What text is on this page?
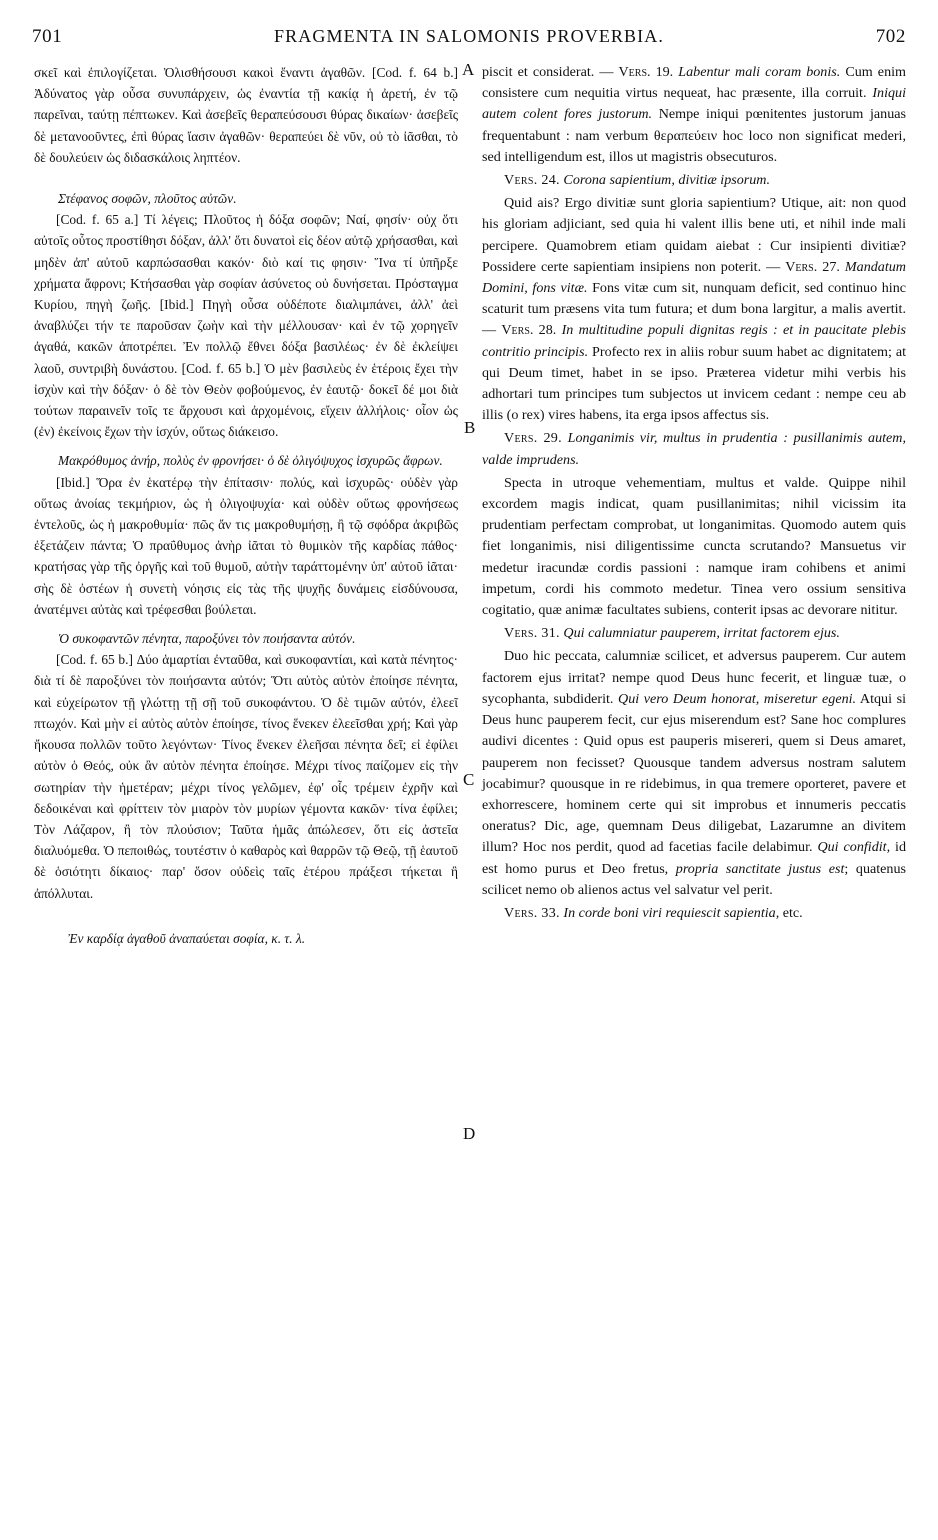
701	FRAGMENTA IN SALOMONIS PROVERBIA.	702
A
B
C
D

σκεῖ καὶ ἐπιλογίζεται. Ὀλισθήσουσι κακοὶ ἔναντι ἀγαθῶν. [Cod. f. 64 b.] Ἀδύνατος γὰρ οὖσα συνυπάρχειν, ὡς ἐναντία τῇ κακίᾳ ἡ ἀρετή, ἐν τῷ παρεῖναι, ταύτῃ πέπτωκεν. Καὶ ἀσεβεῖς θεραπεύσουσι θύρας δικαίων· ἀσεβεῖς δὲ μετανοοῦντες, ἐπὶ θύρας ἴασιν ἀγαθῶν· θεραπεύει δὲ νῦν, οὐ τὸ ἰᾶσθαι, τὸ δὲ δουλεύειν ὡς διδασκάλοις ληπτέον.

Στέφανος σοφῶν, πλοῦτος αὐτῶν.

[Cod. f. 65 a.] Τί λέγεις; Πλοῦτος ἡ δόξα σοφῶν; Ναί, φησίν· οὐχ ὅτι αὐτοῖς οὗτος προστίθησι δόξαν, ἀλλ' ὅτι δυνατοὶ εἰς δέον αὐτῷ χρήσασθαι, καὶ μηδὲν ἀπ' αὐτοῦ καρπώσασθαι κακόν· διὸ καί τις φησιν· Ἵνα τί ὑπῆρξε χρήματα ἄφρονι; Κτήσασθαι γὰρ σοφίαν ἀσύνετος οὐ δυνήσεται. Πρόσταγμα Κυρίου, πηγὴ ζωῆς. [Ibid.] Πηγὴ οὖσα οὐδέποτε διαλιμπάνει, ἀλλ' ἀεὶ ἀναβλύζει τήν τε παροῦσαν ζωὴν καὶ τὴν μέλλουσαν· καὶ ἐν τῷ χορηγεῖν ἀγαθά, κακῶν ἀποτρέπει. Ἐν πολλῷ ἔθνει δόξα βασιλέως· ἐν δὲ ἐκλείψει λαοῦ, συντριβὴ δυνάστου. [Cod. f. 65 b.] Ὁ μὲν βασιλεὺς ἐν ἑτέροις ἔχει τὴν ἰσχὺν καὶ τὴν δόξαν· ὁ δὲ τὸν Θεὸν φοβούμενος, ἐν ἑαυτῷ· δοκεῖ δέ μοι διὰ τούτων παραινεῖν τοῖς τε ἄρχουσι καὶ ἀρχομένοις, εἴχειν ἀλλήλοις· οἷον ὡς (ἐν) ἐκείνοις ἔχων τὴν ἰσχύν, οὕτως διάκεισο.

Μακρόθυμος ἀνήρ, πολὺς ἐν φρονήσει· ὁ δὲ ὀλιγόψυχος ἰσχυρῶς ἄφρων.

[Ibid.] Ὅρα ἐν ἑκατέρῳ τὴν ἐπίτασιν· πολύς, καὶ ἰσχυρῶς· οὐδὲν γὰρ οὕτως ἀνοίας τεκμήριον, ὡς ἡ ὀλιγοψυχία· καὶ οὐδὲν οὕτως φρονήσεως ἐντελοῦς, ὡς ἡ μακροθυμία· πῶς ἄν τις μακροθυμήσῃ, ἢ τῷ σφόδρα ἀκριβῶς ἐξετάζειν πάντα; Ὁ πραΰθυμος ἀνὴρ ἰᾶται τὸ θυμικὸν τῆς καρδίας πάθος· κρατήσας γὰρ τῆς ὀργῆς καὶ τοῦ θυμοῦ, αὐτὴν ταράττομένην ὑπ' αὐτοῦ ἰᾶται· σὴς δὲ ὀστέων ἡ συνετὴ νόησις εἰς τὰς τῆς ψυχῆς δυνάμεις εἰσδύνουσα, ἀνατέμνει αὐτὰς καὶ τρέφεσθαι βούλεται.

Ὁ συκοφαντῶν πένητα, παροξύνει τὸν ποιήσαντα αὐτόν.

[Cod. f. 65 b.] Δύο ἁμαρτίαι ἐνταῦθα, καὶ συκοφαντίαι, καὶ κατὰ πένητος· διὰ τί δὲ παροξύνει τὸν ποιήσαντα αὐτόν; Ὅτι αὐτὸς αὐτὸν ἐποίησε πένητα, καὶ εὐχείρωτον τῇ γλώττῃ τῇ σῇ τοῦ συκοφάντου. Ὁ δὲ τιμῶν αὐτόν, ἐλεεῖ πτωχόν. Καὶ μὴν εἰ αὐτὸς αὐτὸν ἐποίησε, τίνος ἕνεκεν ἐλεεῖσθαι χρή; Καὶ γὰρ ἤκουσα πολλῶν τοῦτο λεγόντων· Τίνος ἕνεκεν ἐλεῆσαι πένητα δεῖ; εἰ ἐφίλει αὐτὸν ὁ Θεός, οὐκ ἂν αὐτὸν πένητα ἐποίησε. Μέχρι τίνος παίζομεν εἰς τὴν σωτηρίαν τὴν ἡμετέραν; μέχρι τίνος γελῶμεν, ἐφ' οἷς τρέμειν ἐχρῆν καὶ δεδοικέναι καὶ φρίττειν τὸν μιαρὸν τὸν μυρίων γέμοντα κακῶν· τίνα ἐφίλει; Τὸν Λάζαρον, ἢ τὸν πλούσιον; Ταῦτα ἡμᾶς ἀπώλεσεν, ὅτι εἰς ἀστεῖα διαλυόμεθα. Ὁ πεποιθώς, τουτέστιν ὁ καθαρὸς καὶ θαρρῶν τῷ Θεῷ, τῇ ἑαυτοῦ δὲ ὁσιότητι δίκαιος· παρ' ὅσον οὐδεὶς ταῖς ἑτέρου πράξεσι τήκεται ἢ ἀπόλλυται.

Ἐν καρδίᾳ ἀγαθοῦ ἀναπαύεται σοφία, κ. τ. λ.

piscit et considerat. — Vers. 19. Labentur mali coram bonis. Cum enim consistere cum nequitia virtus nequeat, hac præsente, illa corruit. Iniqui autem colent fores justorum. Nempe iniqui pœnitentes justorum januas frequentabunt : nam verbum θεραπεύειν hoc loco non significat mederi, sed intelligendum est, illos ut magistris obsecuturos.

Vers. 24. Corona sapientium, divitiæ ipsorum.

Quid ais? Ergo divitiæ sunt gloria sapientium? Utique, ait: non quod his gloriam adjiciant, sed quia hi valent illis bene uti, et nihil inde mali percipere. Quamobrem etiam quidam aiebat : Cur insipienti divitiæ? Possidere certe sapientiam insipiens non poterit. — Vers. 27. Mandatum Domini, fons vitæ. Fons vitæ cum sit, nunquam deficit, sed continuo hinc scaturit tum præsens vita tum futura; et dum bona largitur, a malis avertit. — Vers. 28. In multitudine populi dignitas regis : et in paucitate plebis contritio principis. Profecto rex in aliis robur suum habet ac dignitatem; at qui Deum timet, habet in se ipso. Præterea videtur mihi verbis his adhortari tum principes tum subjectos ut invicem cedant : nempe ceu ab illis (o rex) vires habens, ita erga ipsos affectus sis.

Vers. 29. Longanimis vir, multus in prudentia : pusillanimis autem, valde imprudens.

Specta in utroque vehementiam, multus et valde. Quippe nihil excordem magis indicat, quam pusillanimitas; nihil vicissim ita prudentiam perfectam comprobat, ut longanimitas. Quomodo autem quis fiet longanimis, nisi diligentissime cuncta scrutando? Mansuetus vir medetur iracundæ cordis passioni : namque iram cohibens et animi impetum, cordi his commoto medetur. Tinea vero ossium sensitiva cogitatio, quæ animæ facultates subiens, conterit ipsas ac devorare nititur.

Vers. 31. Qui calumniatur pauperem, irritat factorem ejus.

Duo hic peccata, calumniæ scilicet, et adversus pauperem. Cur autem factorem ejus irritat? nempe quod Deus hunc fecerit, et linguæ tuæ, o sycophanta, subdiderit. Qui vero Deum honorat, miseretur egeni. Atqui si Deus hunc pauperem fecit, cur ejus miserendum est? Sane hoc complures audivi dicentes : Quid opus est pauperis misereri, quem si Deus amaret, pauperem non fecisset? Quousque tandem adversus nostram salutem jocabimur? quousque in re ridebimus, in qua tremere oporteret, pavere et exhorrescere, hominem certe qui sit improbus et innumeris peccatis oneratus? Dic, age, quemnam Deus diligebat, Lazarumne an divitem illum? Hoc nos perdit, quod ad facetias facile delabimur. Qui confidit, id est homo purus et Deo fretus, propria sanctitate justus est; quatenus scilicet nemo ob alienos actus vel salvatur vel perit.

Vers. 33. In corde boni viri requiescit sapientia, etc.
